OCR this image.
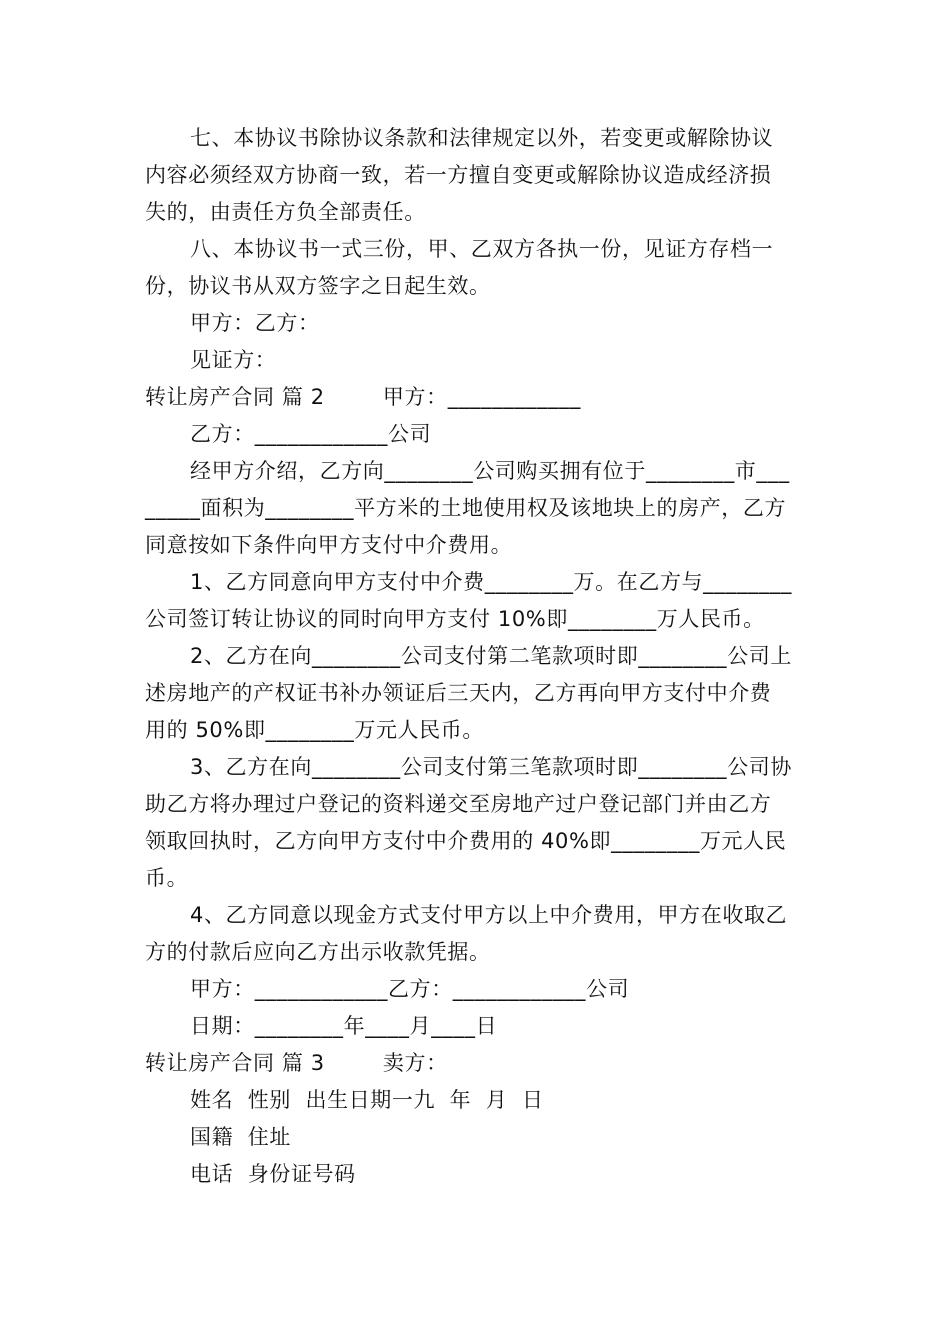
七、本协议书除协议条款和法律规定以外，若变更或解除协议
内容必须经双方协商一致，若一方擅自变更或解除协议造成经济损
失的，由责任方负全部责任。
八、本协议书一式三份，甲、乙双方各执一份，见证方存档一
份，协议书从双方签字之日起生效。
甲方：乙方：
见证方：
转让房产合同 篇 2        甲方：____________
乙方：____________公司
经甲方介绍，乙方向________公司购买拥有位于________市___
_____面积为________平方米的土地使用权及该地块上的房产，乙方
同意按如下条件向甲方支付中介费用。
1、乙方同意向甲方支付中介费________万。在乙方与________
公司签订转让协议的同时向甲方支付 10%即________万人民币。
2、乙方在向________公司支付第二笔款项时即________公司上
述房地产的产权证书补办领证后三天内，乙方再向甲方支付中介费
用的 50%即________万元人民币。
3、乙方在向________公司支付第三笔款项时即________公司协
助乙方将办理过户登记的资料递交至房地产过户登记部门并由乙方
领取回执时，乙方向甲方支付中介费用的 40%即________万元人民
币。
4、乙方同意以现金方式支付甲方以上中介费用，甲方在收取乙
方的付款后应向乙方出示收款凭据。
甲方：____________乙方：____________公司
日期：________年____月____日
转让房产合同 篇 3        卖方：
姓名  性别  出生日期一九  年  月  日
国籍  住址
电话  身份证号码
